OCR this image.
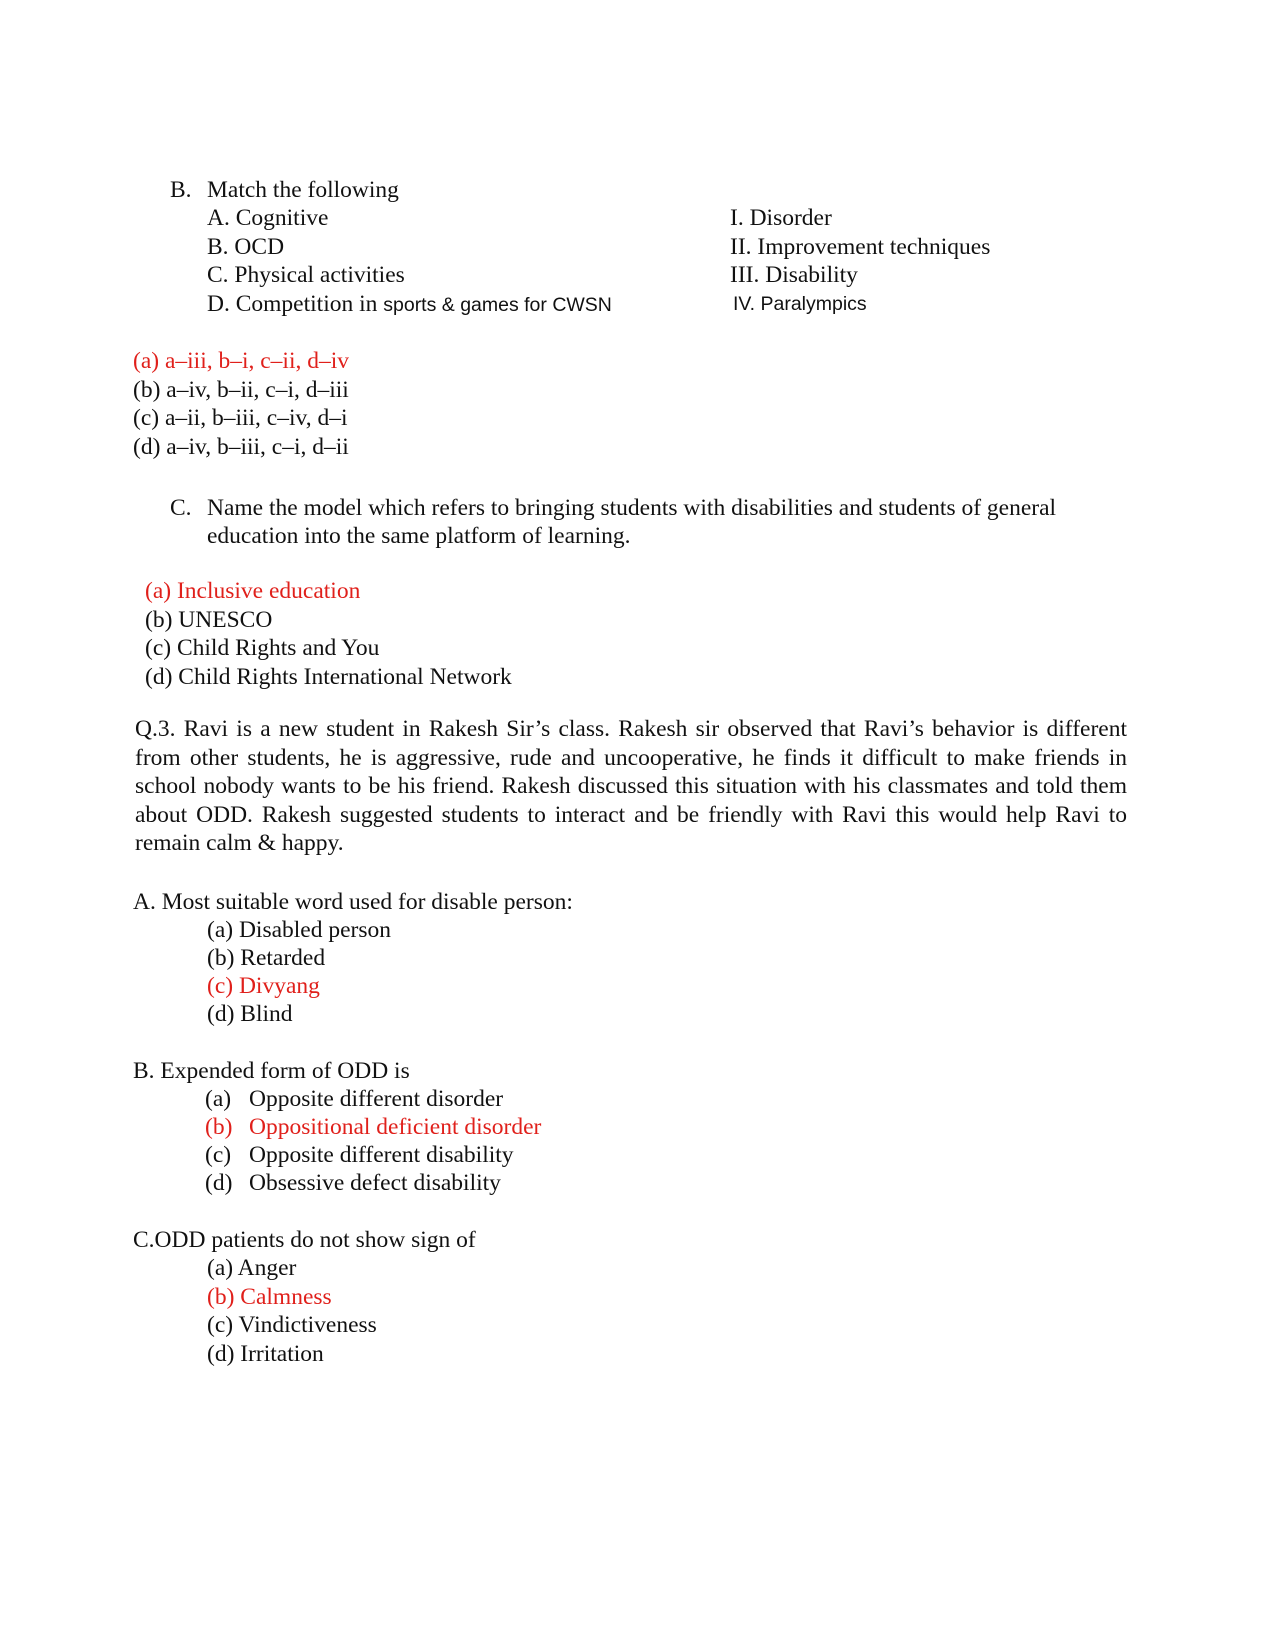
B. Match the following
A. Cognitive
B. OCD
C. Physical activities
D. Competition in sports & games for CWSN
I. Disorder
II. Improvement techniques
III. Disability
IV. Paralympics
(a) a–iii, b–i, c–ii, d–iv
(b) a–iv, b–ii, c–i, d–iii
(c) a–ii, b–iii, c–iv, d–i
(d) a–iv, b–iii, c–i, d–ii
C. Name the model which refers to bringing students with disabilities and students of general
education into the same platform of learning.
(a) Inclusive education
(b) UNESCO
(c) Child Rights and You
(d) Child Rights International Network
Q.3. Ravi is a new student in Rakesh Sir’s class. Rakesh sir observed that Ravi’s behavior is different from other students, he is aggressive, rude and uncooperative, he finds it difficult to make friends in school nobody wants to be his friend. Rakesh discussed this situation with his classmates and told them about ODD. Rakesh suggested students to interact and be friendly with Ravi this would help Ravi to remain calm & happy.
A. Most suitable word used for disable person:
(a) Disabled person
(b) Retarded
(c) Divyang
(d) Blind
B. Expended form of ODD is
(a) Opposite different disorder
(b) Oppositional deficient disorder
(c) Opposite different disability
(d) Obsessive defect disability
C.ODD patients do not show sign of
(a) Anger
(b) Calmness
(c) Vindictiveness
(d) Irritation
